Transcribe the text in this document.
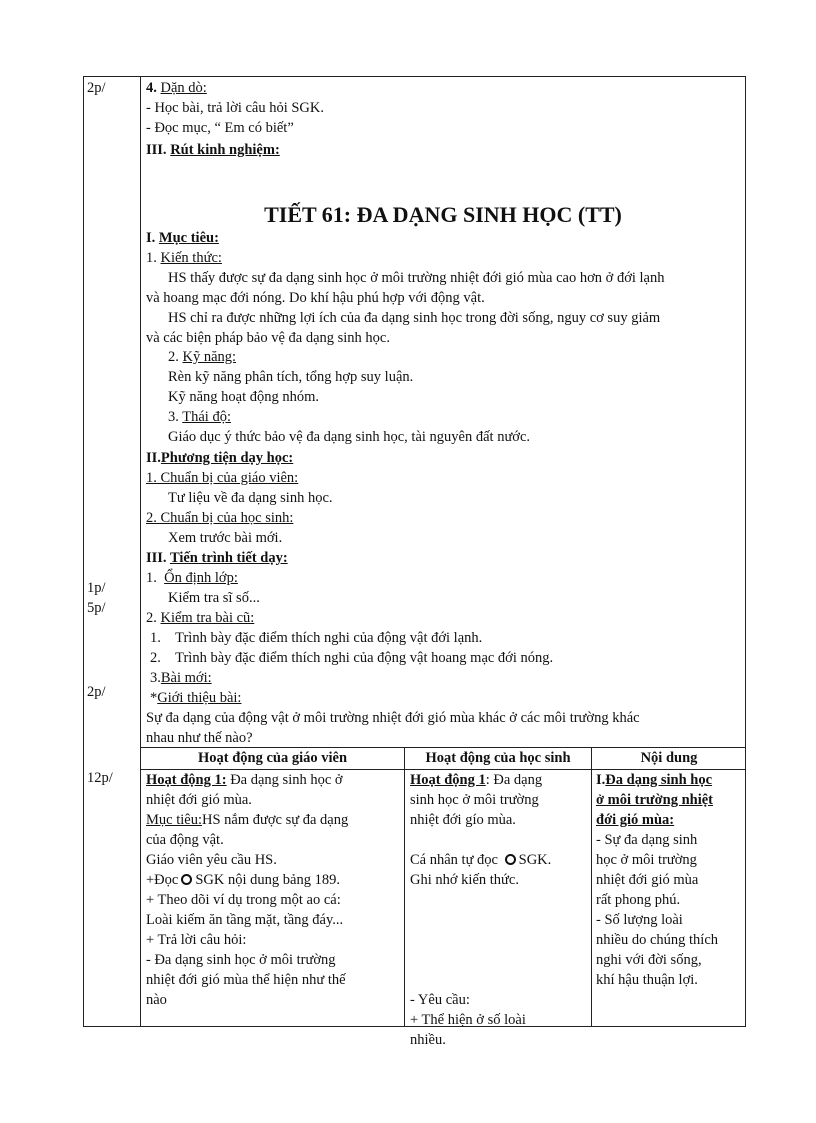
2p/
1p/
5p/
2p/
12p/
4. Dặn dò:
- Học bài, trả lời câu hỏi SGK.
- Đọc mục, “ Em có biết”
III. Rút kinh nghiệm:
TIẾT 61: ĐA DẠNG SINH HỌC (TT)
I. Mục tiêu:
1. Kiến thức:
HS thấy được sự đa dạng sinh học ở môi trường nhiệt đới gió mùa cao hơn ở đới lạnh
và hoang mạc đới nóng. Do khí hậu phú hợp với động vật.
HS chỉ ra được những lợi ích của đa dạng sinh học trong đời sống, nguy cơ suy giảm
và các biện pháp bảo vệ đa dạng sinh học.
2. Kỹ năng:
Rèn kỹ năng phân tích, tổng hợp suy luận.
Kỹ năng hoạt động nhóm.
3. Thái độ:
Giáo dục ý thức bảo vệ đa dạng sinh học, tài nguyên đất nước.
II.Phương tiện dạy học:
1. Chuẩn bị của giáo viên:
Tư liệu về đa dạng sinh học.
2. Chuẩn bị của học sinh:
Xem trước bài mới.
III. Tiến trình tiết dạy:
1. Ổn định lớp:
Kiểm tra sĩ số...
2. Kiểm tra bài cũ:
1.    Trình bày đặc điểm thích nghi của động vật đới lạnh.
2.    Trình bày đặc điểm thích nghi của động vật hoang mạc đới nóng.
3.Bài mới:
*Giới thiệu bài:
Sự đa dạng của động vật ở môi trường nhiệt đới gió mùa khác ở các môi trường khác
nhau như thế nào?
Hoạt động của giáo viên	Hoạt động của học sinh	Nội dung
Hoạt động 1: Đa dạng sinh học ở
nhiệt đới gió mùa.
Mục tiêu:HS nắm được sự đa dạng
của động vật.
Giáo viên yêu cầu HS.
+Đọc SGK nội dung bảng 189.
+ Theo dõi ví dụ trong một ao cá:
Loài kiếm ăn tầng mặt, tầng đáy...
+ Trả lời câu hỏi:
- Đa dạng sinh học ở môi trường
nhiệt đới gió mùa thể hiện như thế
nào
Hoạt động 1: Đa dạng
sinh học ở môi trường
nhiệt đới gío mùa.
Cá nhân tự đọc SGK.
Ghi nhớ kiến thức.
- Yêu cầu:
+ Thể hiện ở số loài
nhiều.
I.Đa dạng sinh học
ở môi trường nhiệt
đới gió mùa:
- Sự đa dạng sinh
học ở môi trường
nhiệt đới gió mùa
rất phong phú.
- Số lượng loài
nhiều do chúng thích
nghi với đời sống,
khí hậu thuận lợi.
